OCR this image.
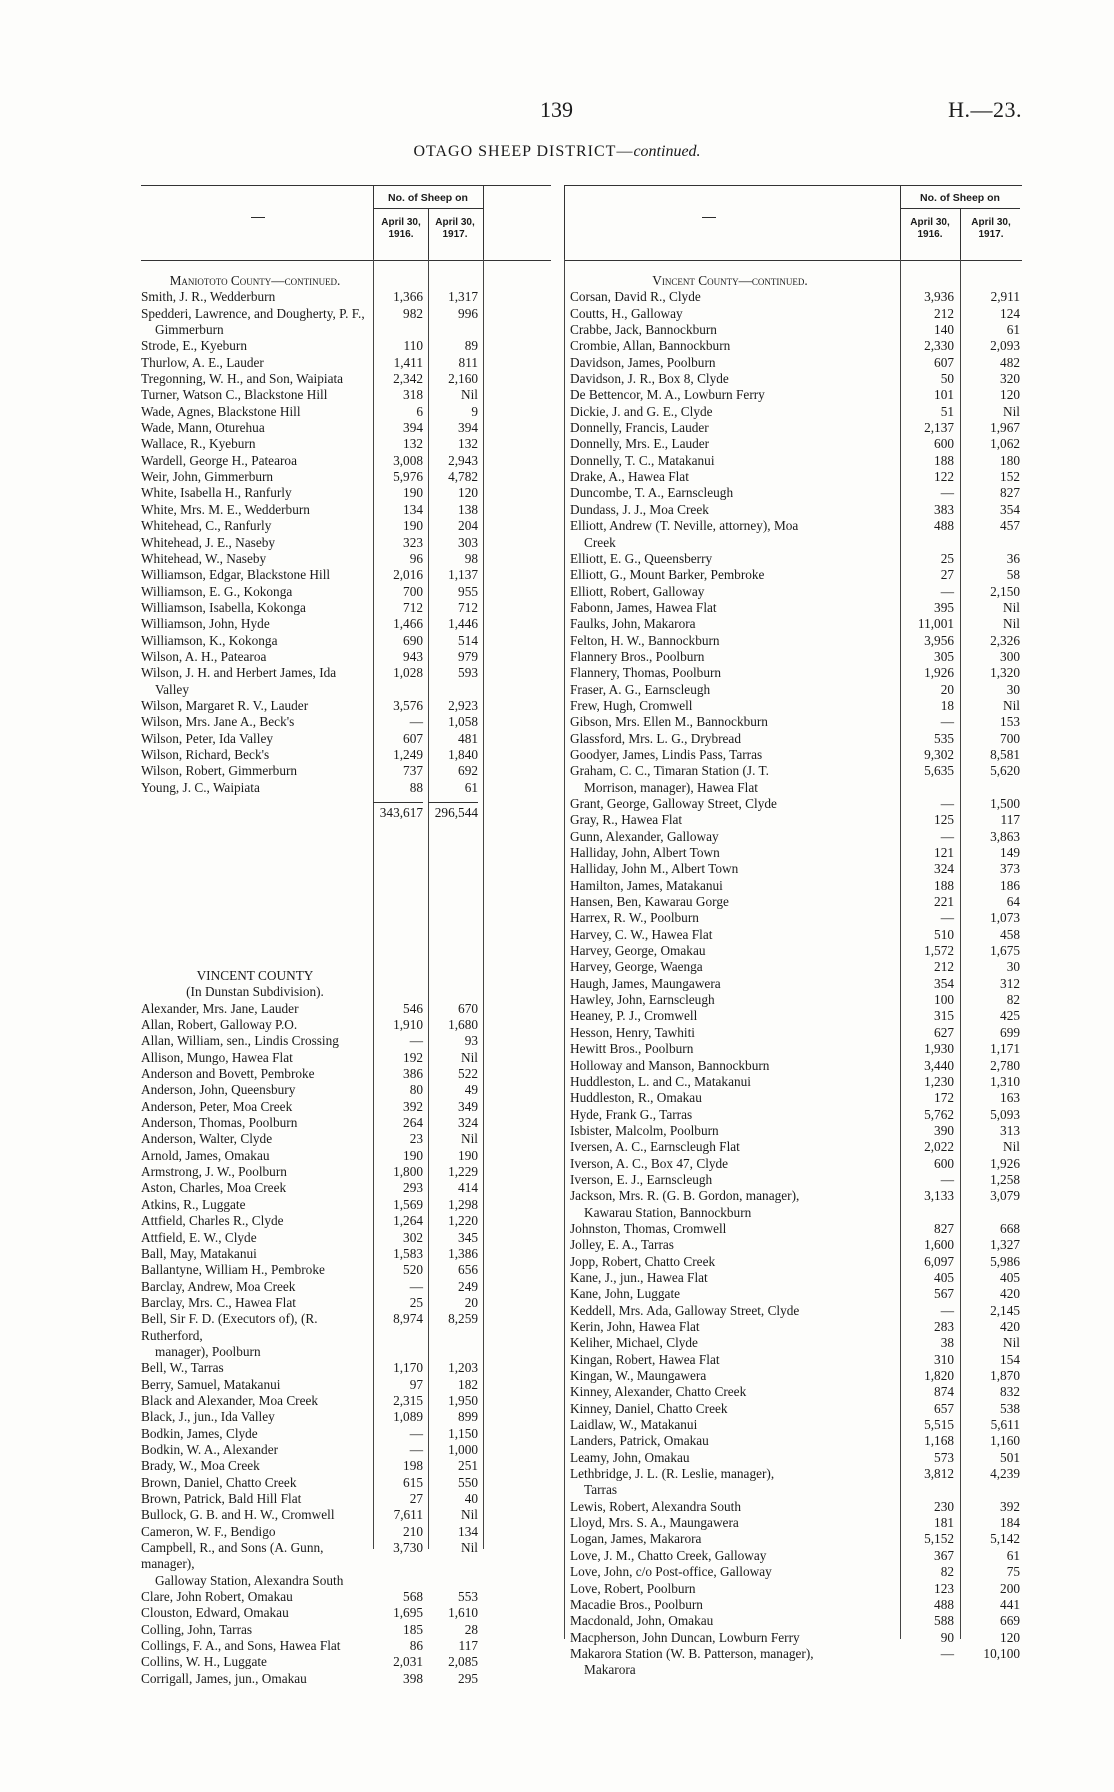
139	H.—23.
OTAGO SHEEP DISTRICT—continued.
—
No. of Sheep on
April 30,
1916.
April 30,
1917.
Maniototo County—continued.
Smith, J. R., Wedderburn	1,366	1,317
Spedderi, Lawrence, and Dougherty, P. F.,
Gimmerburn
982	996
Strode, E., Kyeburn	110	89
Thurlow, A. E., Lauder	1,411	811
Tregonning, W. H., and Son, Waipiata	2,342	2,160
Turner, Watson C., Blackstone Hill	318	Nil
Wade, Agnes, Blackstone Hill	6	9
Wade, Mann, Oturehua	394	394
Wallace, R., Kyeburn	132	132
Wardell, George H., Patearoa	3,008	2,943
Weir, John, Gimmerburn	5,976	4,782
White, Isabella H., Ranfurly	190	120
White, Mrs. M. E., Wedderburn	134	138
Whitehead, C., Ranfurly	190	204
Whitehead, J. E., Naseby	323	303
Whitehead, W., Naseby	96	98
Williamson, Edgar, Blackstone Hill	2,016	1,137
Williamson, E. G., Kokonga	700	955
Williamson, Isabella, Kokonga	712	712
Williamson, John, Hyde	1,466	1,446
Williamson, K., Kokonga	690	514
Wilson, A. H., Patearoa	943	979
Wilson, J. H. and Herbert James, Ida
Valley
1,028	593
Wilson, Margaret R. V., Lauder	3,576	2,923
Wilson, Mrs. Jane A., Beck's	—	1,058
Wilson, Peter, Ida Valley	607	481
Wilson, Richard, Beck's	1,249	1,840
Wilson, Robert, Gimmerburn	737	692
Young, J. C., Waipiata	88	61
343,617 296,544
VINCENT COUNTY
(In Dunstan Subdivision).
Alexander, Mrs. Jane, Lauder	546	670
Allan, Robert, Galloway P.O.	1,910	1,680
Allan, William, sen., Lindis Crossing	—	93
Allison, Mungo, Hawea Flat	192	Nil
Anderson and Bovett, Pembroke	386	522
Anderson, John, Queensbury	80	49
Anderson, Peter, Moa Creek	392	349
Anderson, Thomas, Poolburn	264	324
Anderson, Walter, Clyde	23	Nil
Arnold, James, Omakau	190	190
Armstrong, J. W., Poolburn	1,800	1,229
Aston, Charles, Moa Creek	293	414
Atkins, R., Luggate	1,569	1,298
Attfield, Charles R., Clyde	1,264	1,220
Attfield, E. W., Clyde	302	345
Ball, May, Matakanui	1,583	1,386
Ballantyne, William H., Pembroke	520	656
Barclay, Andrew, Moa Creek	—	249
Barclay, Mrs. C., Hawea Flat	25	20
Bell, Sir F. D. (Executors of), (R. Rutherford,
manager), Poolburn
8,974	8,259
Bell, W., Tarras	1,170	1,203
Berry, Samuel, Matakanui	97	182
Black and Alexander, Moa Creek	2,315	1,950
Black, J., jun., Ida Valley	1,089	899
Bodkin, James, Clyde	—	1,150
Bodkin, W. A., Alexander	—	1,000
Brady, W., Moa Creek	198	251
Brown, Daniel, Chatto Creek	615	550
Brown, Patrick, Bald Hill Flat	27	40
Bullock, G. B. and H. W., Cromwell	7,611	Nil
Cameron, W. F., Bendigo	210	134
Campbell, R., and Sons (A. Gunn, manager),
Galloway Station, Alexandra South
3,730	Nil
Clare, John Robert, Omakau	568	553
Clouston, Edward, Omakau	1,695	1,610
Colling, John, Tarras	185	28
Collings, F. A., and Sons, Hawea Flat	86	117
Collins, W. H., Luggate	2,031	2,085
Corrigall, James, jun., Omakau	398	295
—
No. of Sheep on
April 30,
1916.
April 30,
1917.
Vincent County—continued.
Corsan, David R., Clyde	3,936	2,911
Coutts, H., Galloway	212	124
Crabbe, Jack, Bannockburn	140	61
Crombie, Allan, Bannockburn	2,330	2,093
Davidson, James, Poolburn	607	482
Davidson, J. R., Box 8, Clyde	50	320
De Bettencor, M. A., Lowburn Ferry	101	120
Dickie, J. and G. E., Clyde	51	Nil
Donnelly, Francis, Lauder	2,137	1,967
Donnelly, Mrs. E., Lauder	600	1,062
Donnelly, T. C., Matakanui	188	180
Drake, A., Hawea Flat	122	152
Duncombe, T. A., Earnscleugh	—	827
Dundass, J. J., Moa Creek	383	354
Elliott, Andrew (T. Neville, attorney), Moa
Creek
488	457
Elliott, E. G., Queensberry	25	36
Elliott, G., Mount Barker, Pembroke	27	58
Elliott, Robert, Galloway	—	2,150
Fabonn, James, Hawea Flat	395	Nil
Faulks, John, Makarora	11,001	Nil
Felton, H. W., Bannockburn	3,956	2,326
Flannery Bros., Poolburn	305	300
Flannery, Thomas, Poolburn	1,926	1,320
Fraser, A. G., Earnscleugh	20	30
Frew, Hugh, Cromwell	18	Nil
Gibson, Mrs. Ellen M., Bannockburn	—	153
Glassford, Mrs. L. G., Drybread	535	700
Goodyer, James, Lindis Pass, Tarras	9,302	8,581
Graham, C. C., Timaran Station (J. T.
Morrison, manager), Hawea Flat
5,635	5,620
Grant, George, Galloway Street, Clyde	—	1,500
Gray, R., Hawea Flat	125	117
Gunn, Alexander, Galloway	—	3,863
Halliday, John, Albert Town	121	149
Halliday, John M., Albert Town	324	373
Hamilton, James, Matakanui	188	186
Hansen, Ben, Kawarau Gorge	221	64
Harrex, R. W., Poolburn	—	1,073
Harvey, C. W., Hawea Flat	510	458
Harvey, George, Omakau	1,572	1,675
Harvey, George, Waenga	212	30
Haugh, James, Maungawera	354	312
Hawley, John, Earnscleugh	100	82
Heaney, P. J., Cromwell	315	425
Hesson, Henry, Tawhiti	627	699
Hewitt Bros., Poolburn	1,930	1,171
Holloway and Manson, Bannockburn	3,440	2,780
Huddleston, L. and C., Matakanui	1,230	1,310
Huddleston, R., Omakau	172	163
Hyde, Frank G., Tarras	5,762	5,093
Isbister, Malcolm, Poolburn	390	313
Iversen, A. C., Earnscleugh Flat	2,022	Nil
Iverson, A. C., Box 47, Clyde	600	1,926
Iverson, E. J., Earnscleugh	—	1,258
Jackson, Mrs. R. (G. B. Gordon, manager),
Kawarau Station, Bannockburn
3,133	3,079
Johnston, Thomas, Cromwell	827	668
Jolley, E. A., Tarras	1,600	1,327
Jopp, Robert, Chatto Creek	6,097	5,986
Kane, J., jun., Hawea Flat	405	405
Kane, John, Luggate	567	420
Keddell, Mrs. Ada, Galloway Street, Clyde	—	2,145
Kerin, John, Hawea Flat	283	420
Keliher, Michael, Clyde	38	Nil
Kingan, Robert, Hawea Flat	310	154
Kingan, W., Maungawera	1,820	1,870
Kinney, Alexander, Chatto Creek	874	832
Kinney, Daniel, Chatto Creek	657	538
Laidlaw, W., Matakanui	5,515	5,611
Landers, Patrick, Omakau	1,168	1,160
Leamy, John, Omakau	573	501
Lethbridge, J. L. (R. Leslie, manager),
Tarras
3,812	4,239
Lewis, Robert, Alexandra South	230	392
Lloyd, Mrs. S. A., Maungawera	181	184
Logan, James, Makarora	5,152	5,142
Love, J. M., Chatto Creek, Galloway	367	61
Love, John, c/o Post-office, Galloway	82	75
Love, Robert, Poolburn	123	200
Macadie Bros., Poolburn	488	441
Macdonald, John, Omakau	588	669
Macpherson, John Duncan, Lowburn Ferry	90	120
Makarora Station (W. B. Patterson, manager),
Makarora
—	10,100
